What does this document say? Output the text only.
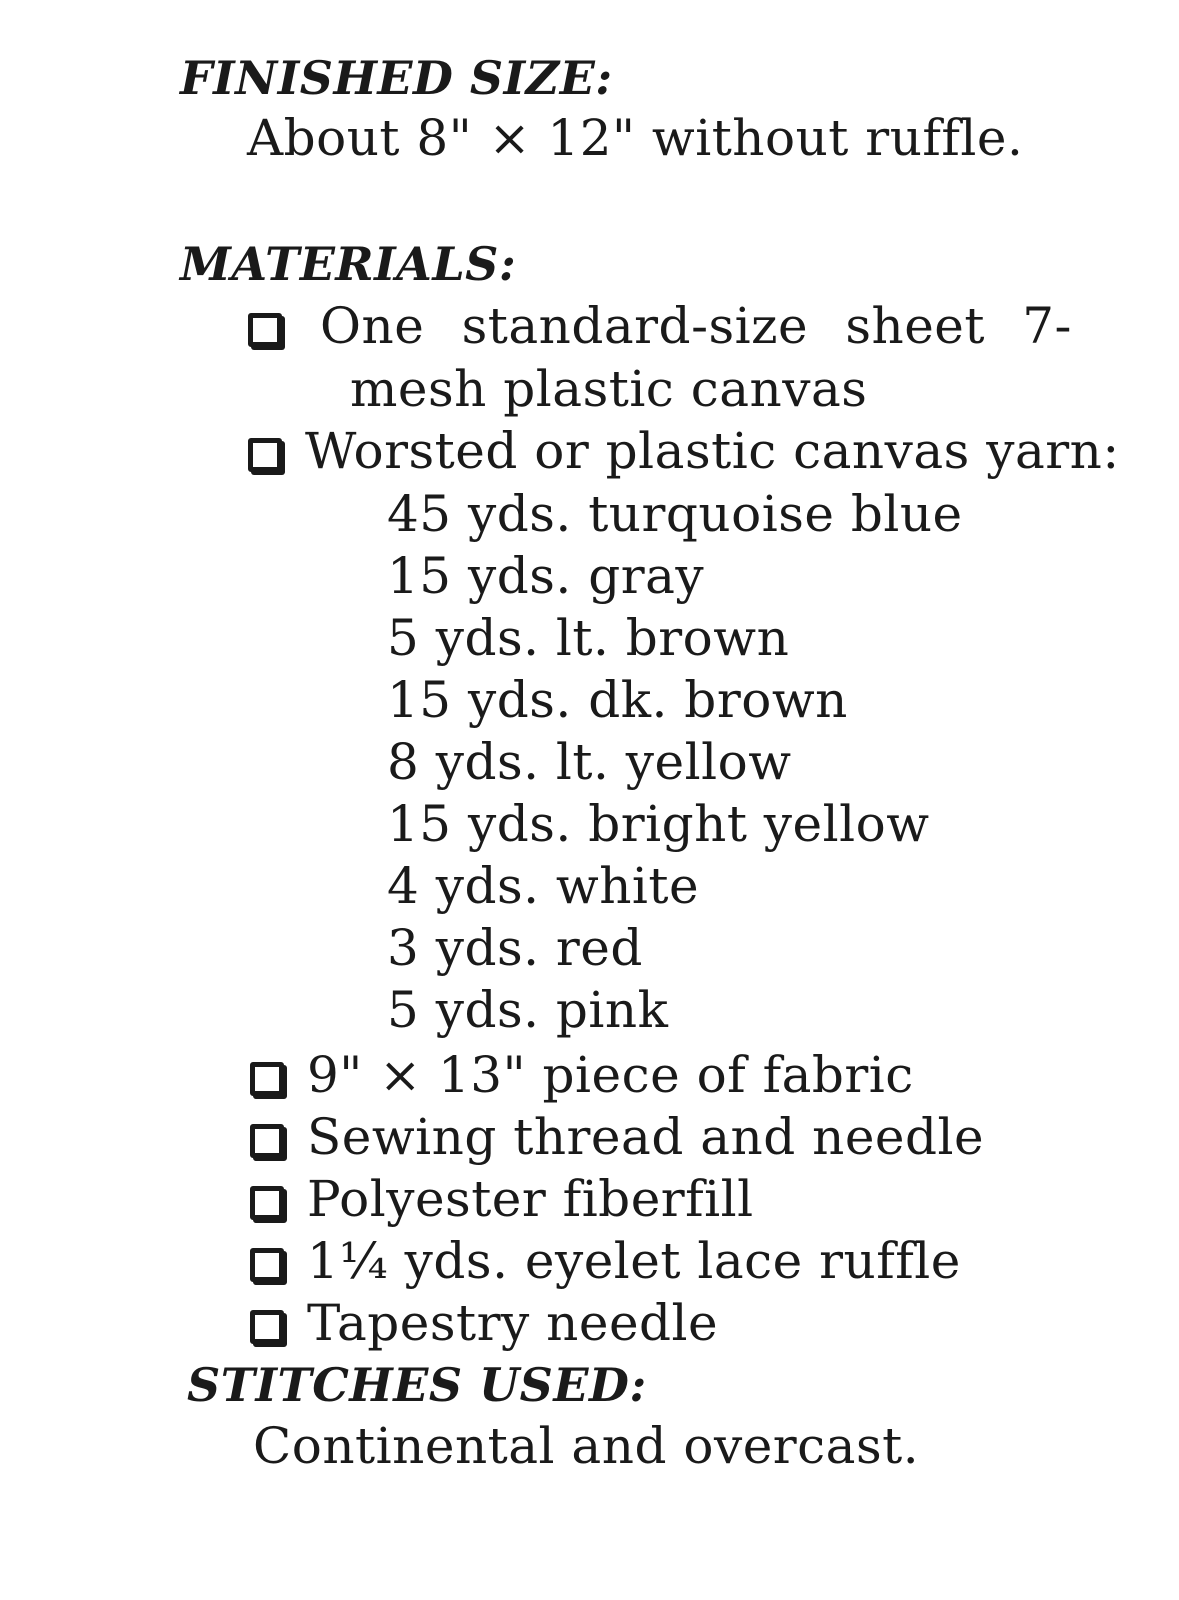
FINISHED SIZE:
About 8" × 12" without ruffle.
MATERIALS:
One standard-size sheet 7-
mesh plastic canvas
Worsted or plastic canvas yarn:
45 yds. turquoise blue
15 yds. gray
5 yds. lt. brown
15 yds. dk. brown
8 yds. lt. yellow
15 yds. bright yellow
4 yds. white
3 yds. red
5 yds. pink
9" × 13" piece of fabric
Sewing thread and needle
Polyester fiberfill
1¼ yds. eyelet lace ruffle
Tapestry needle
STITCHES USED:
Continental and overcast.
